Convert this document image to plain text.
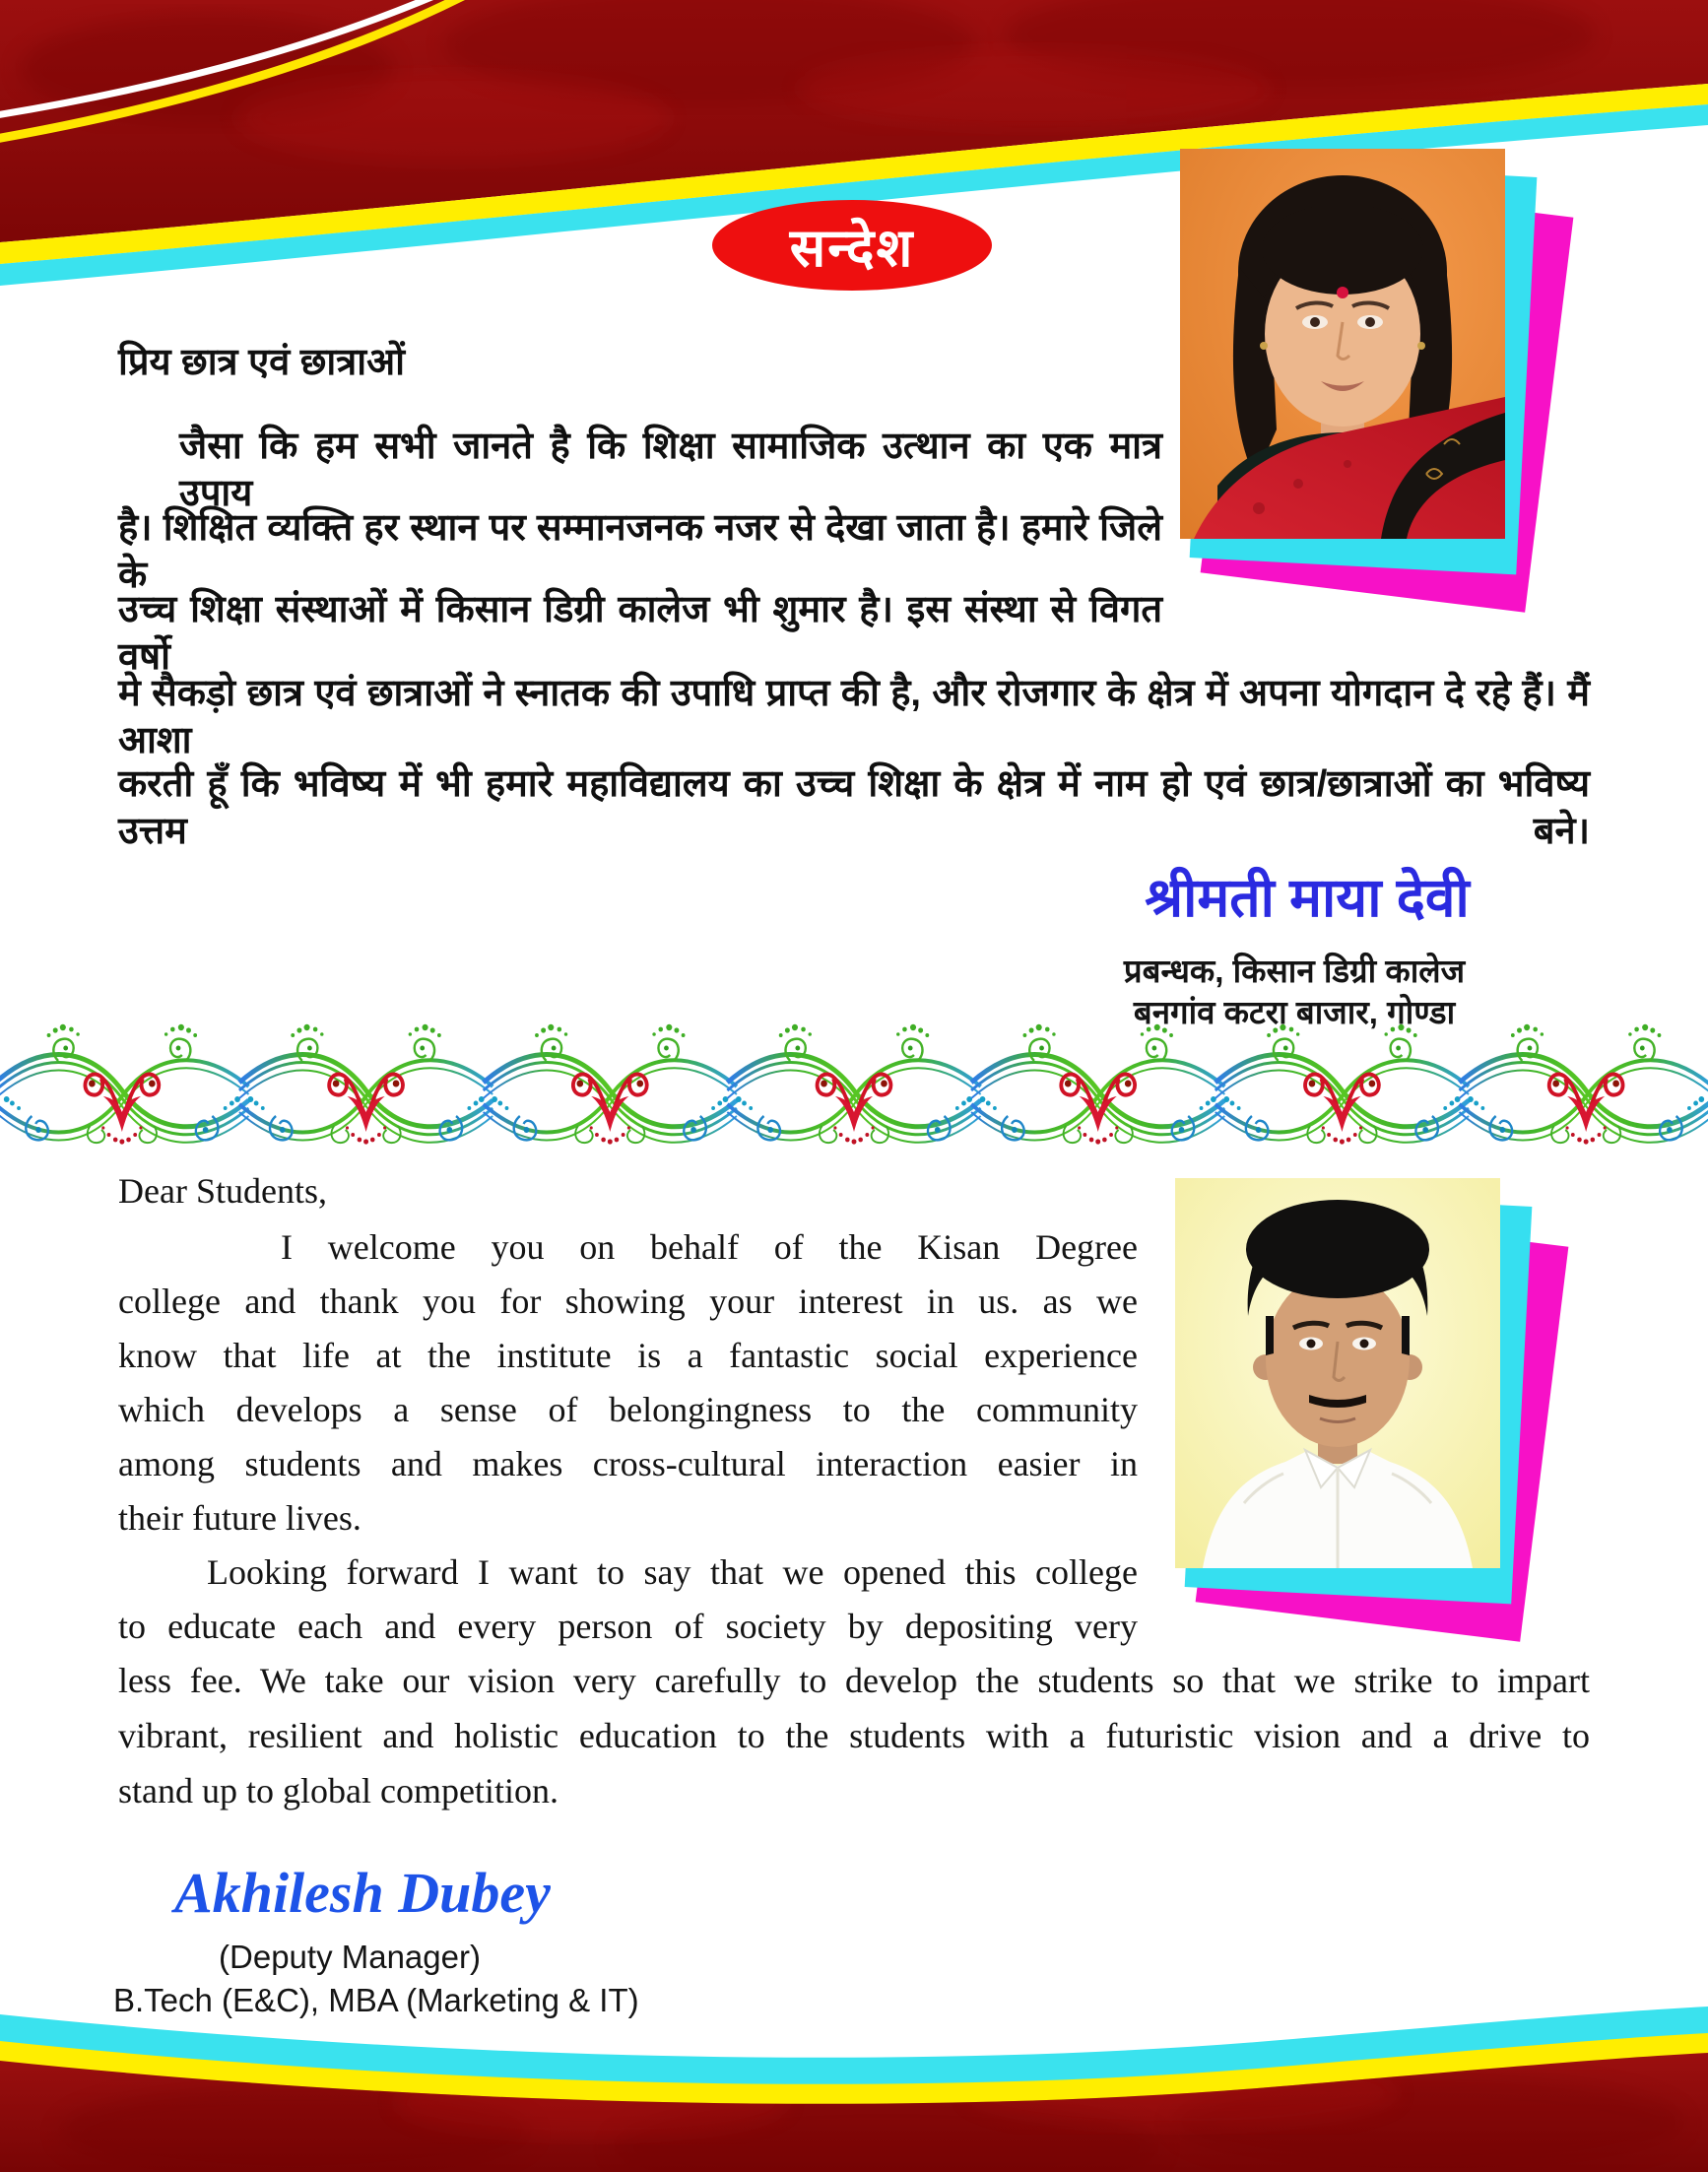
सन्देश
प्रिय छात्र एवं छात्राओं
जैसा कि हम सभी जानते है कि शिक्षा सामाजिक उत्थान का एक मात्र उपाय
है। शिक्षित व्यक्ति हर स्थान पर सम्मानजनक नजर से देखा जाता है। हमारे जिले के
उच्च शिक्षा संस्थाओं में किसान डिग्री कालेज भी शुमार है। इस संस्था से विगत वर्षो
मे सैकड़ो छात्र एवं छात्राओं ने स्नातक की उपाधि प्राप्त की है, और रोजगार के क्षेत्र में अपना योगदान दे रहे हैं। मैं आशा
करती हूँ कि भविष्य में भी हमारे महाविद्यालय का उच्च शिक्षा के क्षेत्र में नाम हो एवं छात्र/छात्राओं का भविष्य उत्तम बने।
श्रीमती माया देवी
प्रबन्धक, किसान डिग्री कालेज
बनगांव कटरा बाजार, गोण्डा
Dear Students,
I welcome you on behalf of the Kisan Degree
college and thank you for showing your interest in us. as we
know that life at the institute is a fantastic social experience
which develops a sense of belongingness to the community
among students and makes cross-cultural interaction easier in
their future lives.
Looking forward I want to say that we opened this college
to educate each and every person of society by depositing very
less fee. We take our vision very carefully to develop the students so that we strike to impart
vibrant, resilient and holistic education to the students with a futuristic vision and a drive to
stand up to global competition.
Akhilesh Dubey
(Deputy Manager)
B.Tech (E&C), MBA (Marketing & IT)
